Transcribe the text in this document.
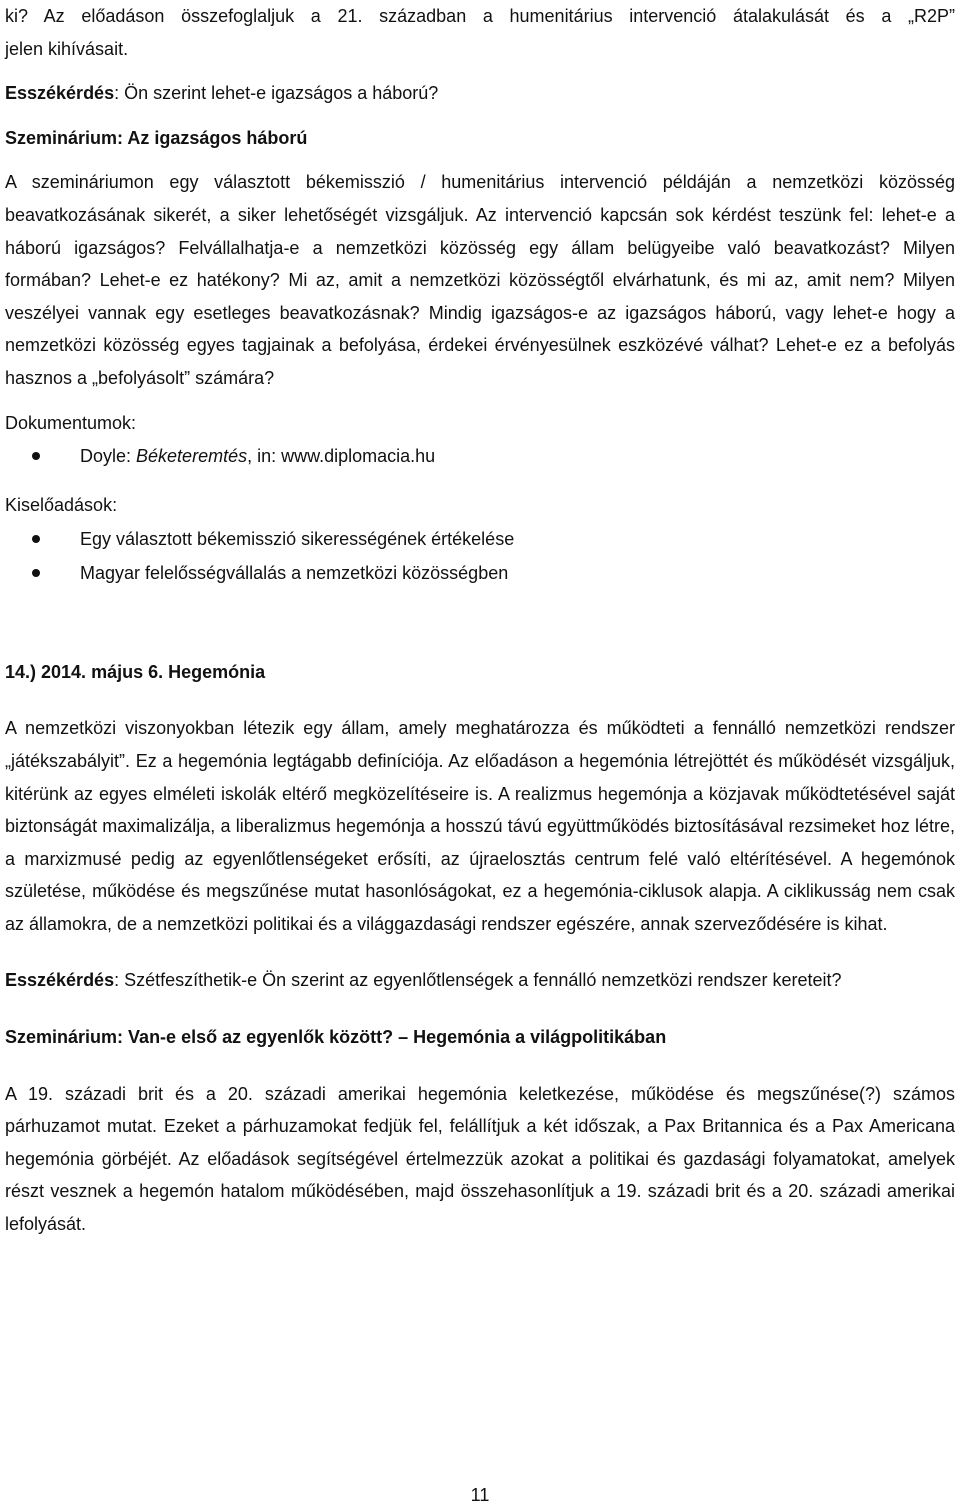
ki? Az előadáson összefoglaljuk a 21. században a humenitárius intervenció átalakulását és a „R2P”

jelen kihívásait.

Esszékérdés: Ön szerint lehet-e igazságos a háború?

Szeminárium: Az igazságos háború

A szemináriumon egy választott békemisszió / humenitárius intervenció példáján a nemzetközi közösség beavatkozásának sikerét, a siker lehetőségét vizsgáljuk. Az intervenció kapcsán sok kérdést teszünk fel: lehet-e a háború igazságos? Felvállalhatja-e a nemzetközi közösség egy állam belügyeibe való beavatkozást? Milyen formában? Lehet-e ez hatékony? Mi az, amit a nemzetközi közösségtől elvárhatunk, és mi az, amit nem? Milyen veszélyei vannak egy esetleges beavatkozásnak? Mindig igazságos-e az igazságos háború, vagy lehet-e hogy a nemzetközi közösség egyes tagjainak a befolyása, érdekei érvényesülnek eszközévé válhat? Lehet-e ez a befolyás hasznos a „befolyásolt” számára?

Dokumentumok:

Doyle: Béketeremtés, in: www.diplomacia.hu

Kiselőadások:

Egy választott békemisszió sikerességének értékelése
Magyar felelősségvállalás a nemzetközi közösségben

14.) 2014. május 6. Hegemónia

A nemzetközi viszonyokban létezik egy állam, amely meghatározza és működteti a fennálló nemzetközi rendszer „játékszabályit”. Ez a hegemónia legtágabb definíciója. Az előadáson a hegemónia létrejöttét és működését vizsgáljuk, kitérünk az egyes elméleti iskolák eltérő megközelítéseire is. A realizmus hegemónja a közjavak működtetésével saját biztonságát maximalizálja, a liberalizmus hegemónja a hosszú távú együttműködés biztosításával rezsimeket hoz létre, a marxizmusé pedig az egyenlőtlenségeket erősíti, az újraelosztás centrum felé való eltérítésével. A hegemónok születése, működése és megszűnése mutat hasonlóságokat, ez a hegemónia-ciklusok alapja. A ciklikusság nem csak az államokra, de a nemzetközi politikai és a világgazdasági rendszer egészére, annak szerveződésére is kihat.

Esszékérdés: Szétfeszíthetik-e Ön szerint az egyenlőtlenségek a fennálló nemzetközi rendszer kereteit?

Szeminárium: Van-e első az egyenlők között? – Hegemónia a világpolitikában

A 19. századi brit és a 20. századi amerikai hegemónia keletkezése, működése és megszűnése(?) számos párhuzamot mutat. Ezeket a párhuzamokat fedjük fel, felállítjuk a két időszak, a Pax Britannica és a Pax Americana hegemónia görbéjét. Az előadások segítségével értelmezzük azokat a politikai és gazdasági folyamatokat, amelyek részt vesznek a hegemón hatalom működésében, majd összehasonlítjuk a 19. századi brit és a 20. századi amerikai lefolyását.

11
